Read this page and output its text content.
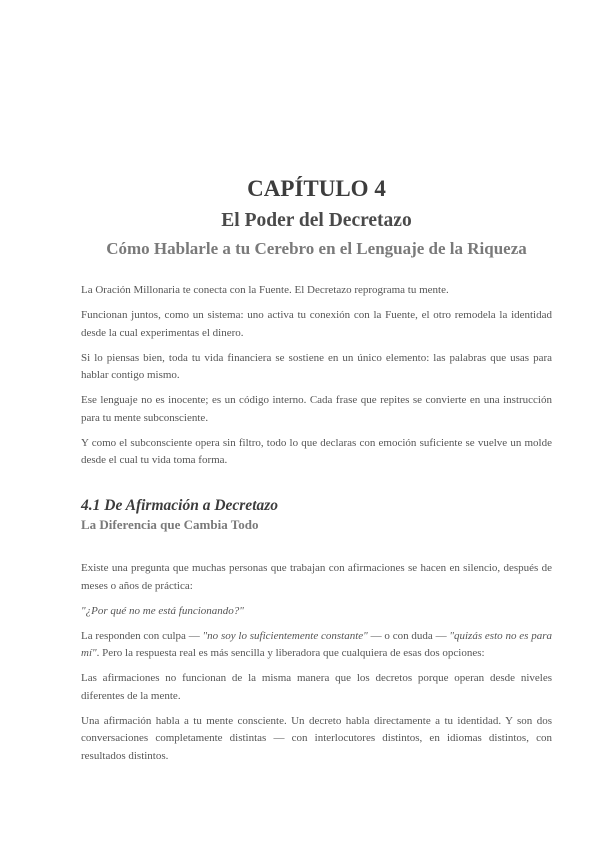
CAPÍTULO 4
El Poder del Decretazo
Cómo Hablarle a tu Cerebro en el Lenguaje de la Riqueza

La Oración Millonaria te conecta con la Fuente. El Decretazo reprograma tu mente.

Funcionan juntos, como un sistema: uno activa tu conexión con la Fuente, el otro remodela la identidad desde la cual experimentas el dinero.

Si lo piensas bien, toda tu vida financiera se sostiene en un único elemento: las palabras que usas para hablar contigo mismo.

Ese lenguaje no es inocente; es un código interno. Cada frase que repites se convierte en una instrucción para tu mente subconsciente.

Y como el subconsciente opera sin filtro, todo lo que declaras con emoción suficiente se vuelve un molde desde el cual tu vida toma forma.

4.1 De Afirmación a Decretazo
La Diferencia que Cambia Todo

Existe una pregunta que muchas personas que trabajan con afirmaciones se hacen en silencio, después de meses o años de práctica:

"¿Por qué no me está funcionando?"

La responden con culpa — "no soy lo suficientemente constante" — o con duda — "quizás esto no es para mí". Pero la respuesta real es más sencilla y liberadora que cualquiera de esas dos opciones:

Las afirmaciones no funcionan de la misma manera que los decretos porque operan desde niveles diferentes de la mente.

Una afirmación habla a tu mente consciente. Un decreto habla directamente a tu identidad. Y son dos conversaciones completamente distintas — con interlocutores distintos, en idiomas distintos, con resultados distintos.
